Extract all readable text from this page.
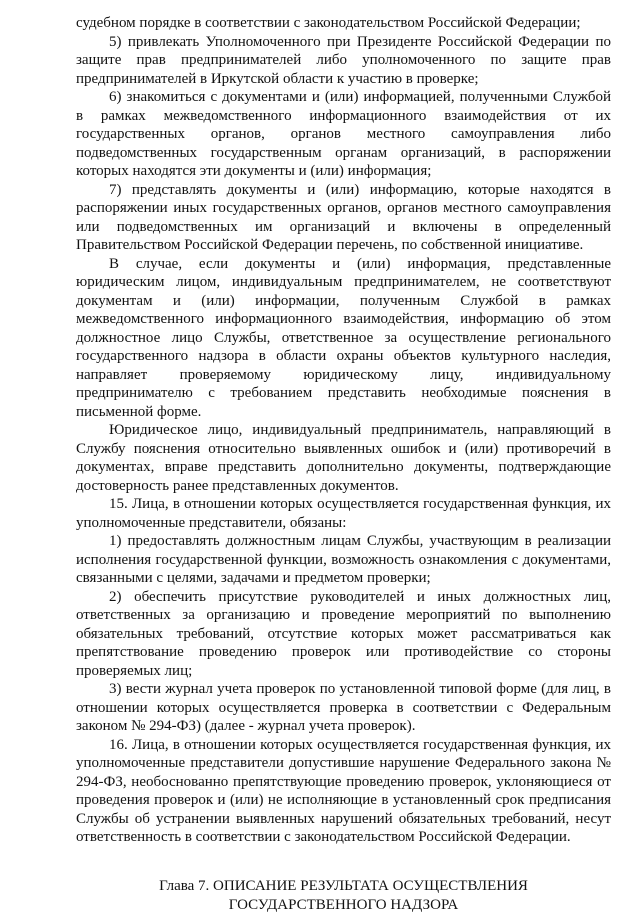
судебном порядке в соответствии с законодательством Российской Федерации;

5) привлекать Уполномоченного при Президенте Российской Федерации по защите прав предпринимателей либо уполномоченного по защите прав предпринимателей в Иркутской области к участию в проверке;

6) знакомиться с документами и (или) информацией, полученными Службой в рамках межведомственного информационного взаимодействия от их государственных органов, органов местного самоуправления либо подведомственных государственным органам организаций, в распоряжении которых находятся эти документы и (или) информация;

7) представлять документы и (или) информацию, которые находятся в распоряжении иных государственных органов, органов местного самоуправления или подведомственных им организаций и включены в определенный Правительством Российской Федерации перечень, по собственной инициативе.

В случае, если документы и (или) информация, представленные юридическим лицом, индивидуальным предпринимателем, не соответствуют документам и (или) информации, полученным Службой в рамках межведомственного информационного взаимодействия, информацию об этом должностное лицо Службы, ответственное за осуществление регионального государственного надзора в области охраны объектов культурного наследия, направляет проверяемому юридическому лицу, индивидуальному предпринимателю с требованием представить необходимые пояснения в письменной форме.

Юридическое лицо, индивидуальный предприниматель, направляющий в Службу пояснения относительно выявленных ошибок и (или) противоречий в документах, вправе представить дополнительно документы, подтверждающие достоверность ранее представленных документов.

15. Лица, в отношении которых осуществляется государственная функция, их уполномоченные представители, обязаны:

1) предоставлять должностным лицам Службы, участвующим в реализации исполнения государственной функции, возможность ознакомления с документами, связанными с целями, задачами и предметом проверки;

2) обеспечить присутствие руководителей и иных должностных лиц, ответственных за организацию и проведение мероприятий по выполнению обязательных требований, отсутствие которых может рассматриваться как препятствование проведению проверок или противодействие со стороны проверяемых лиц;

3) вести журнал учета проверок по установленной типовой форме (для лиц, в отношении которых осуществляется проверка в соответствии с Федеральным законом № 294-ФЗ) (далее - журнал учета проверок).

16. Лица, в отношении которых осуществляется государственная функция, их уполномоченные представители допустившие нарушение Федерального закона № 294-ФЗ, необоснованно препятствующие проведению проверок, уклоняющиеся от проведения проверок и (или) не исполняющие в установленный срок предписания Службы об устранении выявленных нарушений обязательных требований, несут ответственность в соответствии с законодательством Российской Федерации.

Глава 7. ОПИСАНИЕ РЕЗУЛЬТАТА ОСУЩЕСТВЛЕНИЯ
ГОСУДАРСТВЕННОГО НАДЗОРА
